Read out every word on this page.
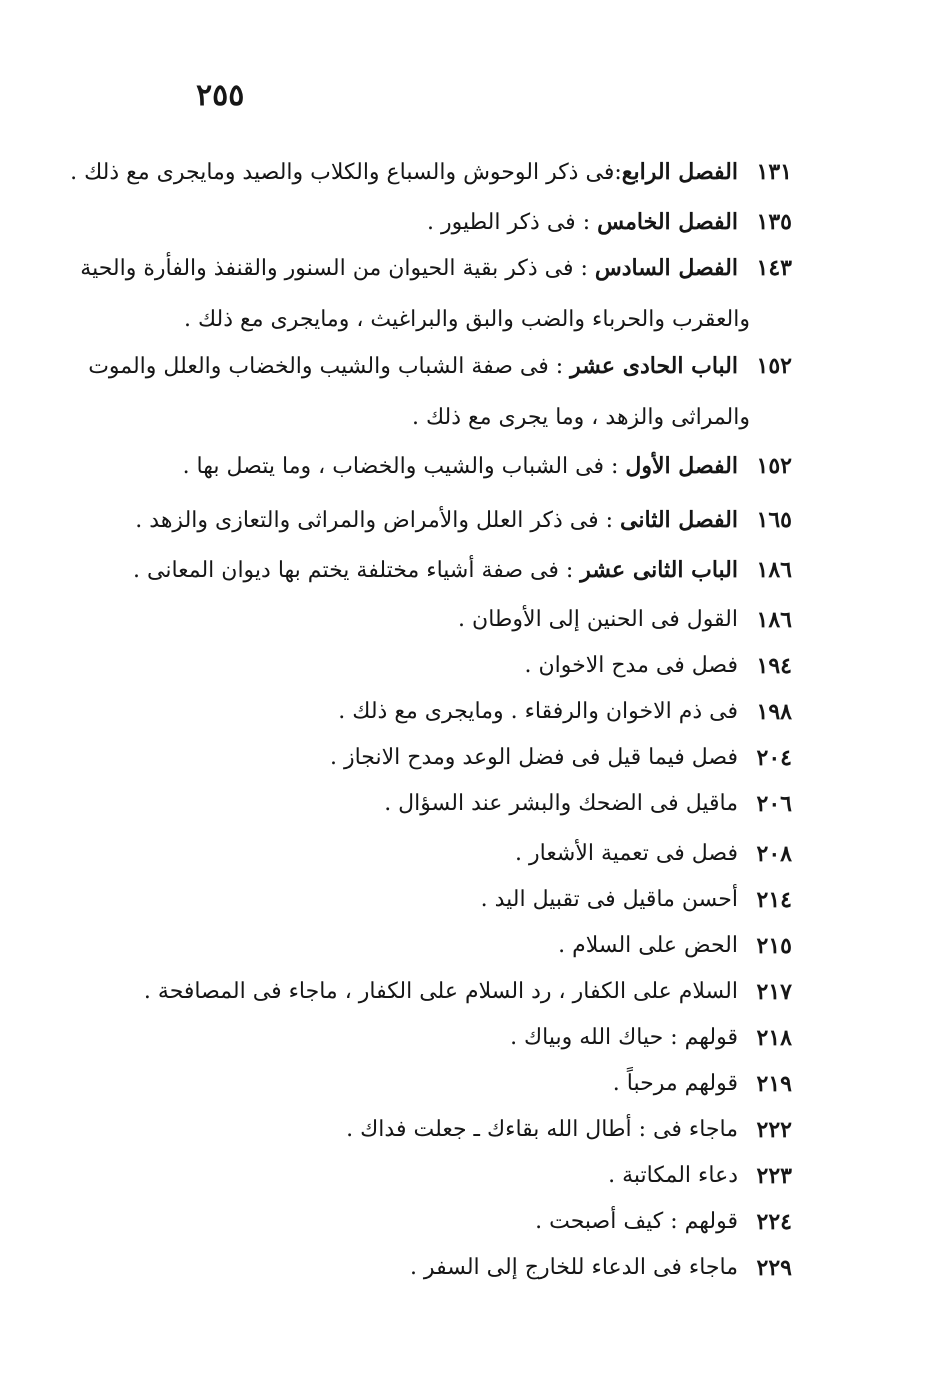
٢٥٥
١٣١
الفصل الرابع:فى ذكر الوحوش والسباع والكلاب والصيد ومايجرى مع ذلك .
١٣٥
الفصل الخامس : فى ذكر الطيور .
١٤٣
الفصل السادس : فى ذكر بقية الحيوان من السنور والقنفذ والفأرة والحية
والعقرب والحرباء والضب والبق والبراغيث ، ومايجرى مع ذلك .
١٥٢
الباب الحادى عشر : فى صفة الشباب والشيب والخضاب والعلل والموت
والمراثى والزهد ، وما يجرى مع ذلك .
١٥٢
الفصل الأول : فى الشباب والشيب والخضاب ، وما يتصل بها .
١٦٥
الفصل الثانى : فى ذكر العلل والأمراض والمراثى والتعازى والزهد .
١٨٦
الباب الثانى عشر : فى صفة أشياء مختلفة يختم بها ديوان المعانى .
١٨٦
القول فى الحنين إلى الأوطان .
١٩٤
فصل فى مدح الاخوان .
١٩٨
فى ذم الاخوان والرفقاء . ومايجرى مع ذلك .
٢٠٤
فصل فيما قيل فى فضل الوعد ومدح الانجاز .
٢٠٦
ماقيل فى الضحك والبشر عند السؤال .
٢٠٨
فصل فى تعمية الأشعار .
٢١٤
أحسن ماقيل فى تقبيل اليد .
٢١٥
الحض على السلام .
٢١٧
السلام على الكفار ، رد السلام على الكفار ، ماجاء فى المصافحة .
٢١٨
قولهم : حياك الله وبياك .
٢١٩
قولهم مرحباً .
٢٢٢
ماجاء فى : أطال الله بقاءك ـ جعلت فداك .
٢٢٣
دعاء المكاتبة .
٢٢٤
قولهم : كيف أصبحت .
٢٢٩
ماجاء فى الدعاء للخارج إلى السفر .
